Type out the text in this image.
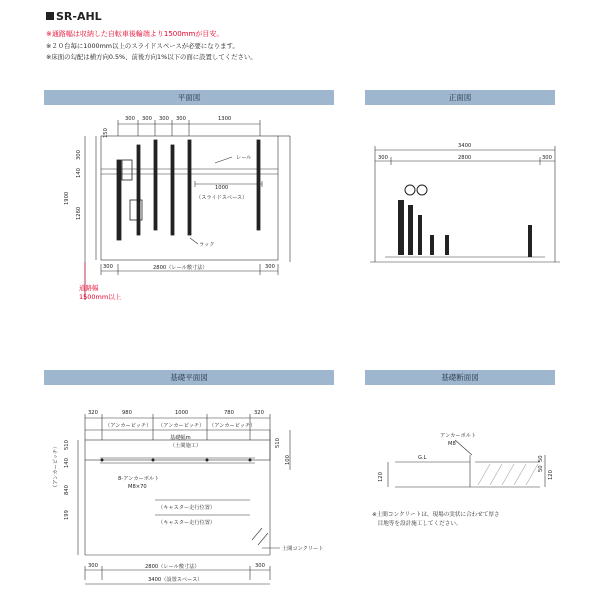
SR-AHL
※通路幅は収納した自転車後輪端より1500mmが目安。
※２０台毎に1000mm以上のスライドスペースが必要になります。
※床面の勾配は横方向0.5%、前後方向1%以下の面に設置してください。
平面図	正面図
基礎平面図	基礎断面図
300 300 300 300	1300
150
300
140
1900
1260
レール
1000
（スライドスペース）
ラック
300	2800（レール敷寸法）	300
通路幅
1500mm以上
3400
300	2800	300
320	980	1000	780	320
（アンカーピッチ） （アンカーピッチ） （アンカーピッチ）
（アンカーピッチ） 510
140
840
199
510
100
基礎幅m
（土間施工）
8-アンカーボルト
M8×70
（キャスター走行位置）
（キャスター走行位置）
土間コンクリート
300	2800（レール敷寸法）	300
3400（設置スペース）
アンカーボルト
M8
G.L
120
50
50
120
※土間コンクリートは、現場の実状に合わせて厚さ
　目地等を設計施工してください。
